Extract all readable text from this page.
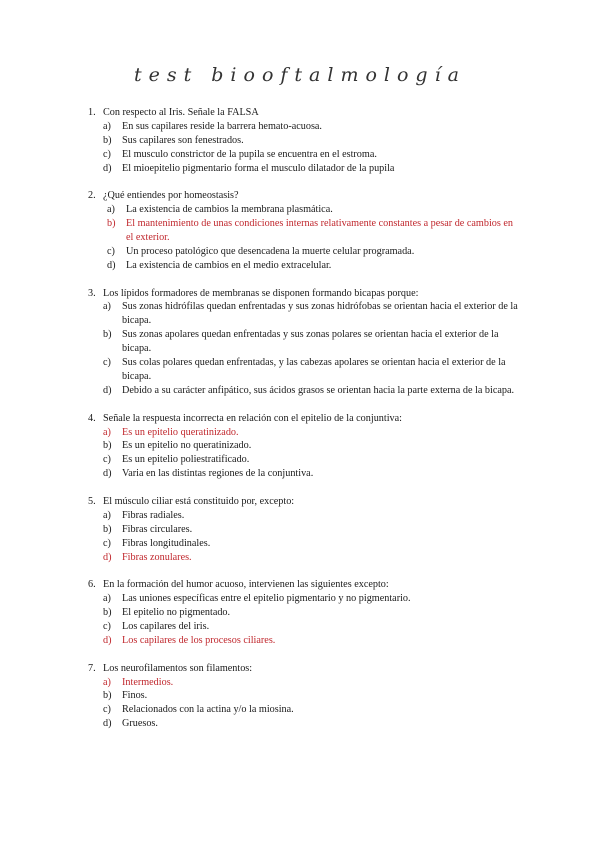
test biooftalmología
1. Con respecto al Iris. Señale la FALSA
a)	En sus capilares reside la barrera hemato-acuosa.
b)	Sus capilares son fenestrados.
c)	El musculo constrictor de la pupila se encuentra en el estroma.
d)	El mioepitelio pigmentario forma el musculo dilatador de la pupila
2. ¿Qué entiendes por homeostasis?
a)	La existencia de cambios la membrana plasmática.
b)	El mantenimiento de unas condiciones internas relativamente constantes a pesar de cambios en el exterior.
c)	Un proceso patológico que desencadena la muerte celular programada.
d)	La existencia de cambios en el medio extracelular.
3. Los lípidos formadores de membranas se disponen formando bicapas porque:
a)	Sus zonas hidrófilas quedan enfrentadas y sus zonas hidrófobas se orientan hacia el exterior de la bicapa.
b)	Sus zonas apolares quedan enfrentadas y sus zonas polares se orientan hacia el exterior de la bicapa.
c)	Sus colas polares quedan enfrentadas, y las cabezas apolares se orientan hacia el exterior de la bicapa.
d)	Debido a su carácter anfipático, sus ácidos grasos se orientan hacia la parte externa de la bicapa.
4. Señale la respuesta incorrecta en relación con el epitelio de la conjuntiva:
a)	Es un epitelio queratinizado.
b)	Es un epitelio no queratinizado.
c)	Es un epitelio poliestratificado.
d)	Varia en las distintas regiones de la conjuntiva.
5. El músculo ciliar está constituido por, excepto:
a)	Fibras radiales.
b)	Fibras circulares.
c)	Fibras longitudinales.
d)	Fibras zonulares.
6. En la formación del humor acuoso, intervienen las siguientes excepto:
a)	Las uniones específicas entre el epitelio pigmentario y no pigmentario.
b)	El epitelio no pigmentado.
c)	Los capilares del iris.
d)	Los capilares de los procesos ciliares.
7. Los neurofilamentos son filamentos:
a)	Intermedios.
b)	Finos.
c)	Relacionados con la actina y/o la miosina.
d)	Gruesos.
